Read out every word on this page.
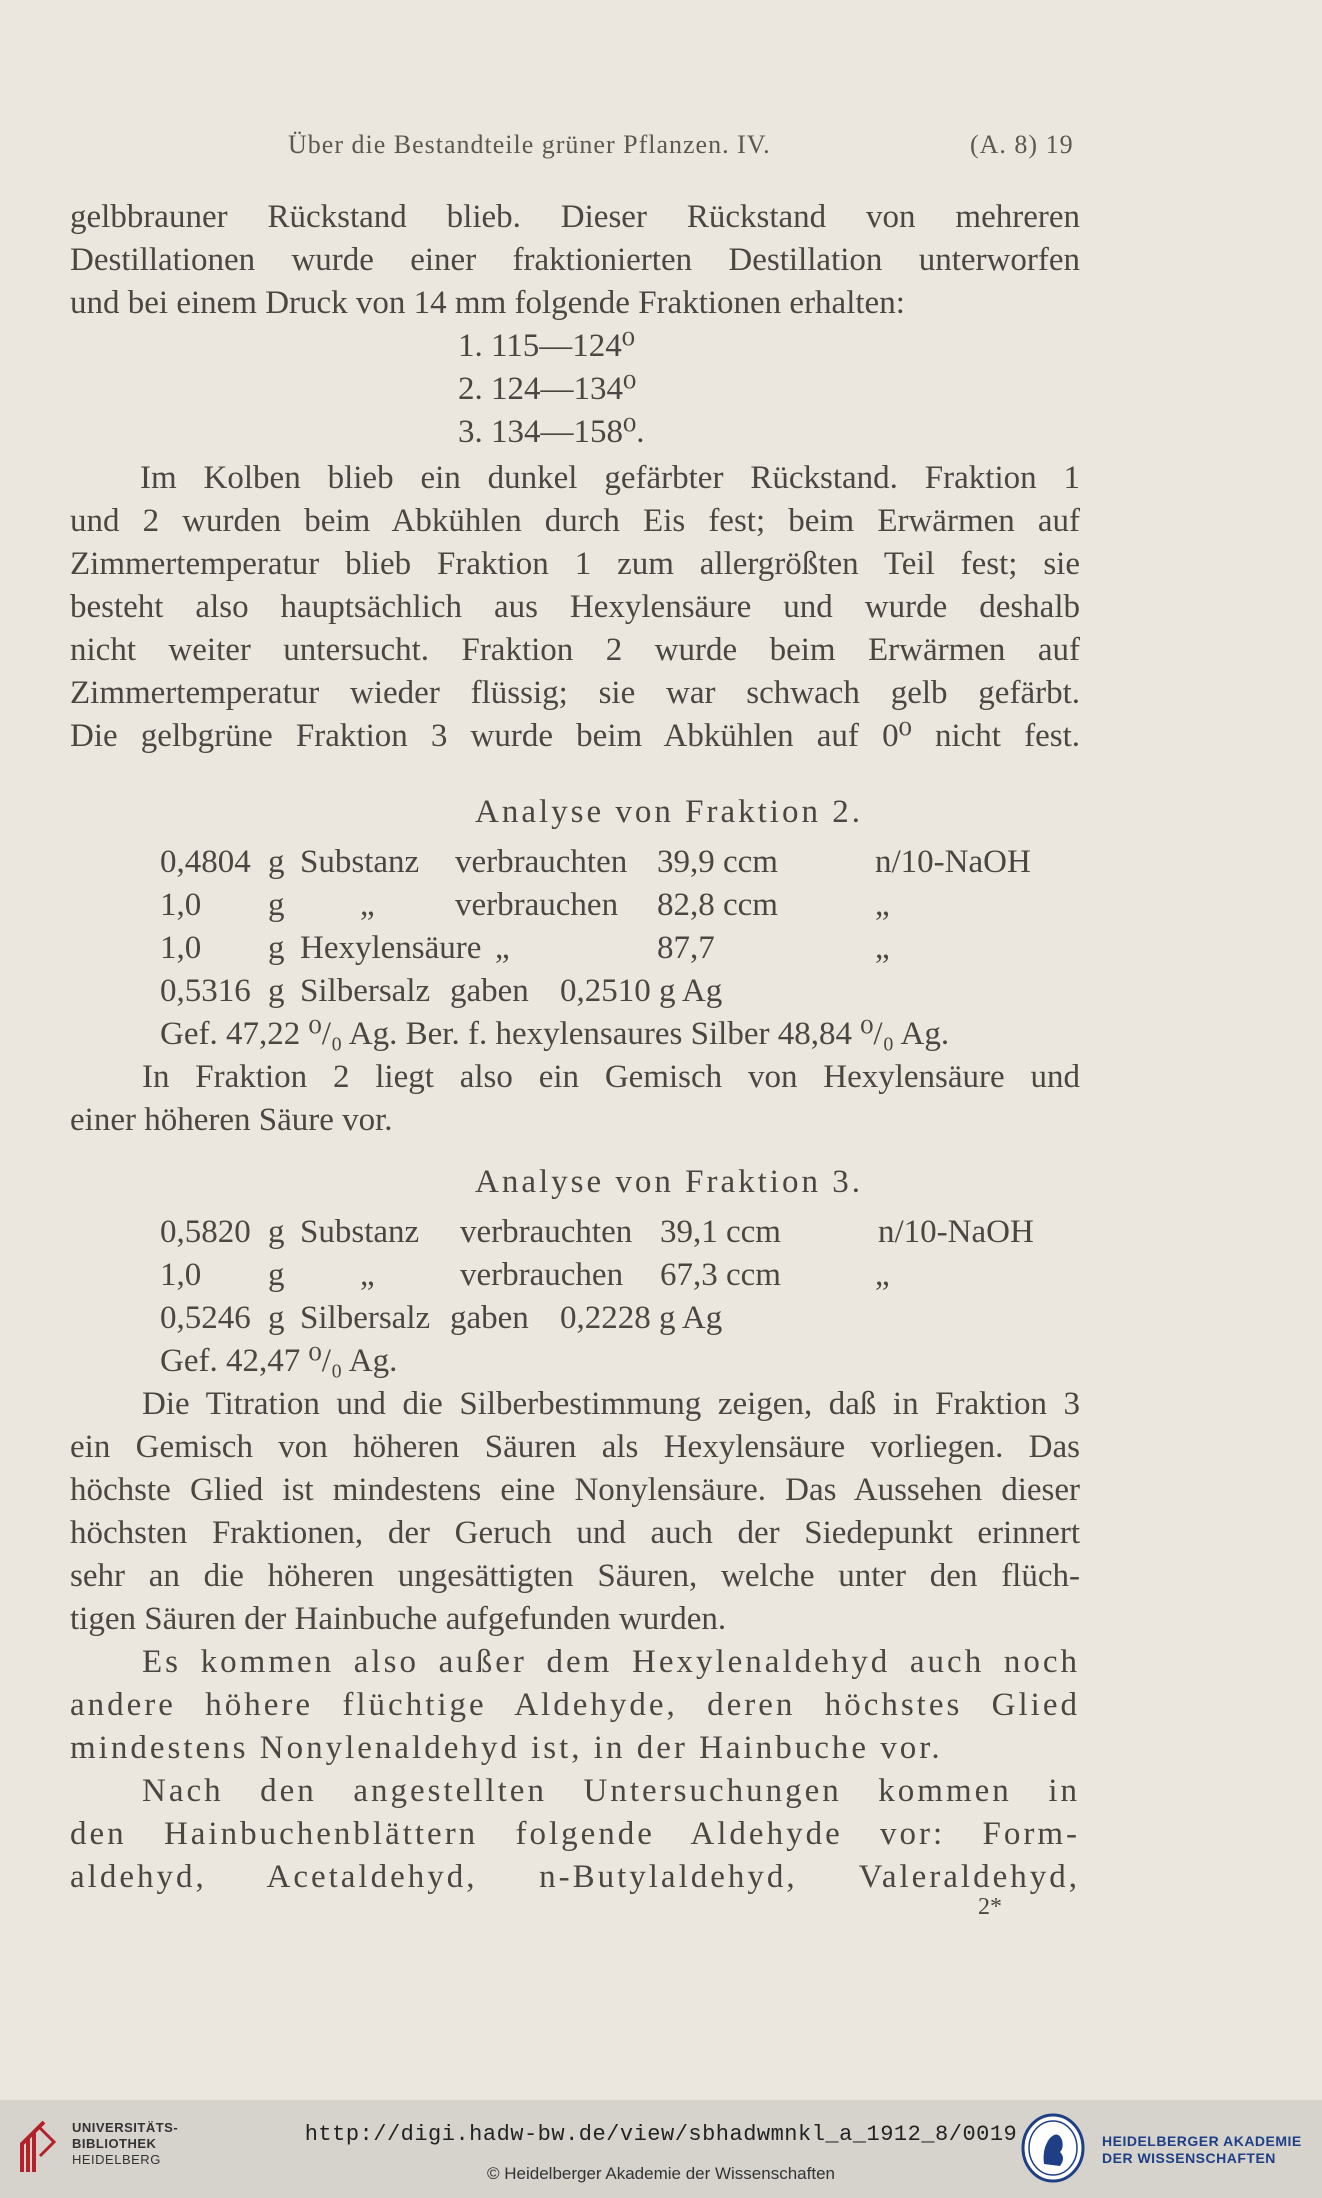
Über die Bestandteile grüner Pflanzen. IV.	(A. 8) 19
gelbbrauner Rückstand blieb. Dieser Rückstand von mehreren
Destillationen wurde einer fraktionierten Destillation unterworfen
und bei einem Druck von 14 mm folgende Fraktionen erhalten:
1. 115—124⁰
2. 124—134⁰
3. 134—158⁰.
Im Kolben blieb ein dunkel gefärbter Rückstand. Fraktion 1
und 2 wurden beim Abkühlen durch Eis fest; beim Erwärmen auf
Zimmertemperatur blieb Fraktion 1 zum allergrößten Teil fest; sie
besteht also hauptsächlich aus Hexylensäure und wurde deshalb
nicht weiter untersucht. Fraktion 2 wurde beim Erwärmen auf
Zimmertemperatur wieder flüssig; sie war schwach gelb gefärbt.
Die gelbgrüne Fraktion 3 wurde beim Abkühlen auf 0⁰ nicht fest.
Analyse von Fraktion 2.
0,4804 g Substanz verbrauchten 39,9 ccm	n/10-NaOH
1,0 g „ verbrauchen 82,8 ccm	„
1,0 g Hexylensäure „	87,7	„
0,5316 g Silbersalz gaben 0,2510 g Ag
Gef. 47,22 ⁰/₀ Ag. Ber. f. hexylensaures Silber 48,84 ⁰/₀ Ag.
In Fraktion 2 liegt also ein Gemisch von Hexylensäure und
einer höheren Säure vor.
Analyse von Fraktion 3.
0,5820 g Substanz verbrauchten 39,1 ccm	n/10-NaOH
1,0 g „	verbrauchen 67,3 ccm	„
0,5246 g Silbersalz gaben 0,2228 g Ag
Gef. 42,47 ⁰/₀ Ag.
Die Titration und die Silberbestimmung zeigen, daß in Fraktion 3
ein Gemisch von höheren Säuren als Hexylensäure vorliegen. Das
höchste Glied ist mindestens eine Nonylensäure. Das Aussehen dieser
höchsten Fraktionen, der Geruch und auch der Siedepunkt erinnert
sehr an die höheren ungesättigten Säuren, welche unter den flüch-
tigen Säuren der Hainbuche aufgefunden wurden.
Es kommen also außer dem Hexylenaldehyd auch noch
andere höhere flüchtige Aldehyde, deren höchstes Glied
mindestens Nonylenaldehyd ist, in der Hainbuche vor.
Nach den angestellten Untersuchungen kommen in
den Hainbuchenblättern folgende Aldehyde vor: Form-
aldehyd, Acetaldehyd, n-Butylaldehyd, Valeraldehyd,
2*
UNIVERSITÄTS-
BIBLIOTHEK
HEIDELBERG
http://digi.hadw-bw.de/view/sbhadwmnkl_a_1912_8/0019
© Heidelberger Akademie der Wissenschaften
HEIDELBERGER AKADEMIE
DER WISSENSCHAFTEN
